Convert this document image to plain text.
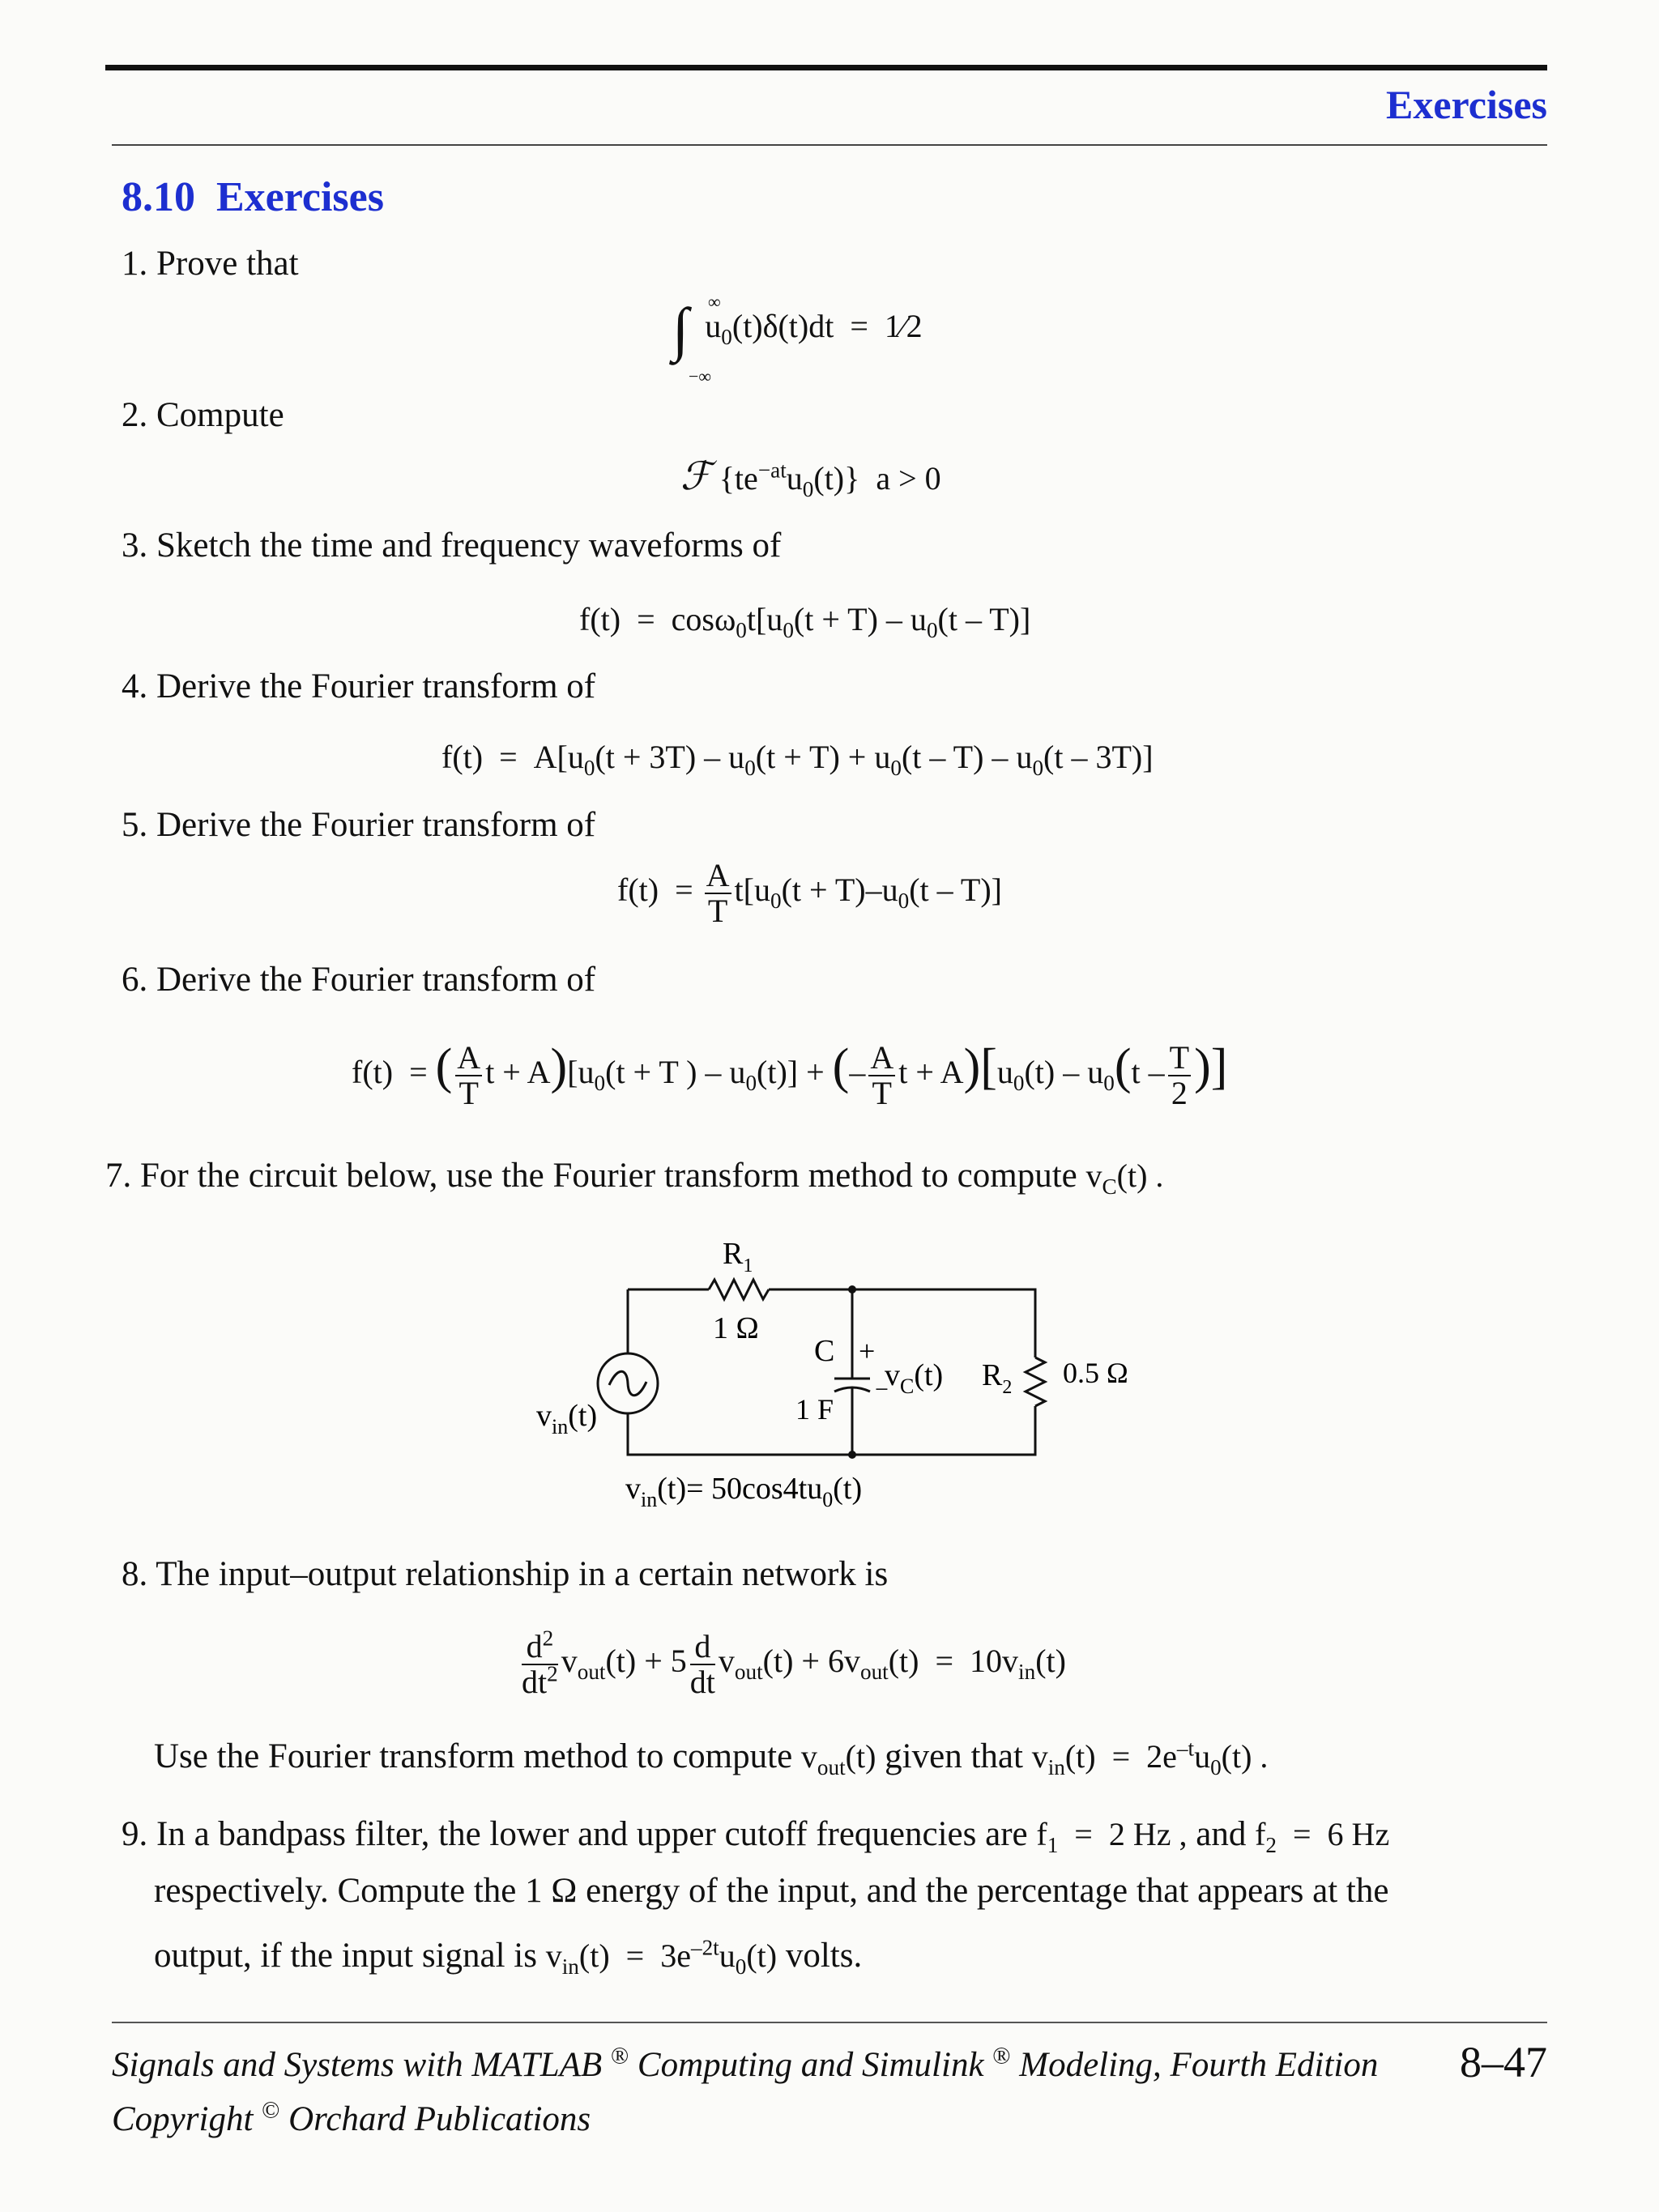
Exercises
8.10 Exercises
1. Prove that
∫ ∞
−∞
$u_0(t)\delta(t)dt$  =  1⁄2
2. Compute
ℱ $\{te^{-at}u_0(t)\} a > 0$
3. Sketch the time and frequency waveforms of
$f(t) = \cos\omega_0t[u_0(t + T) - u_0(t - T)]$
4. Derive the Fourier transform of
$f(t) = A[u_0(t + 3T) - u_0(t + T) + u_0(t - T) - u_0(t - 3T)]$
5. Derive the Fourier transform of
$f(t) = \frac{A}{T} t[u_0(t + T)-u_0(t - T)]$
6. Derive the Fourier transform of
f(t)  = ( $\frac{A}{T}$ $t + A)[u_0(t + T$ ) – $u_0(t)$] + (– $\frac{A}{T}$ $t + A)[u_0(t) - u_0(t - \frac{T}{2}$ )]
7. For the circuit below, use the Fourier transform method to compute $v_C(t)$ .
$R_1$
1 Ω
C +
−
1 F
$v_C(t)$ $R_2$ 0.5 Ω
$v_{in}(t)$
$v_{in}(t)= 50\cos 4tu_0(t)$
8. The input–output relationship in a certain network is
$\frac{d^2}{dt^2} v_{out}(t) + 5 \frac{d}{dt} v_{out}(t) + 6v_{out}(t) = 10v_{in}(t)$
Use the Fourier transform method to compute $v_{out}(t)$ given that $v_{in}(t) = 2e^{-t}u_0(t)$ .
9. In a bandpass filter, the lower and upper cutoff frequencies are $f_1 = 2$ Hz , and $f_2 = 6$ Hz
respectively. Compute the 1 Ω energy of the input, and the percentage that appears at the
output, if the input signal is $v_{in}(t) = 3e^{-2t}u_0(t)$ volts.
Signals and Systems with MATLAB ® Computing and Simulink ® Modeling, Fourth Edition
Copyright © Orchard Publications
8–47
